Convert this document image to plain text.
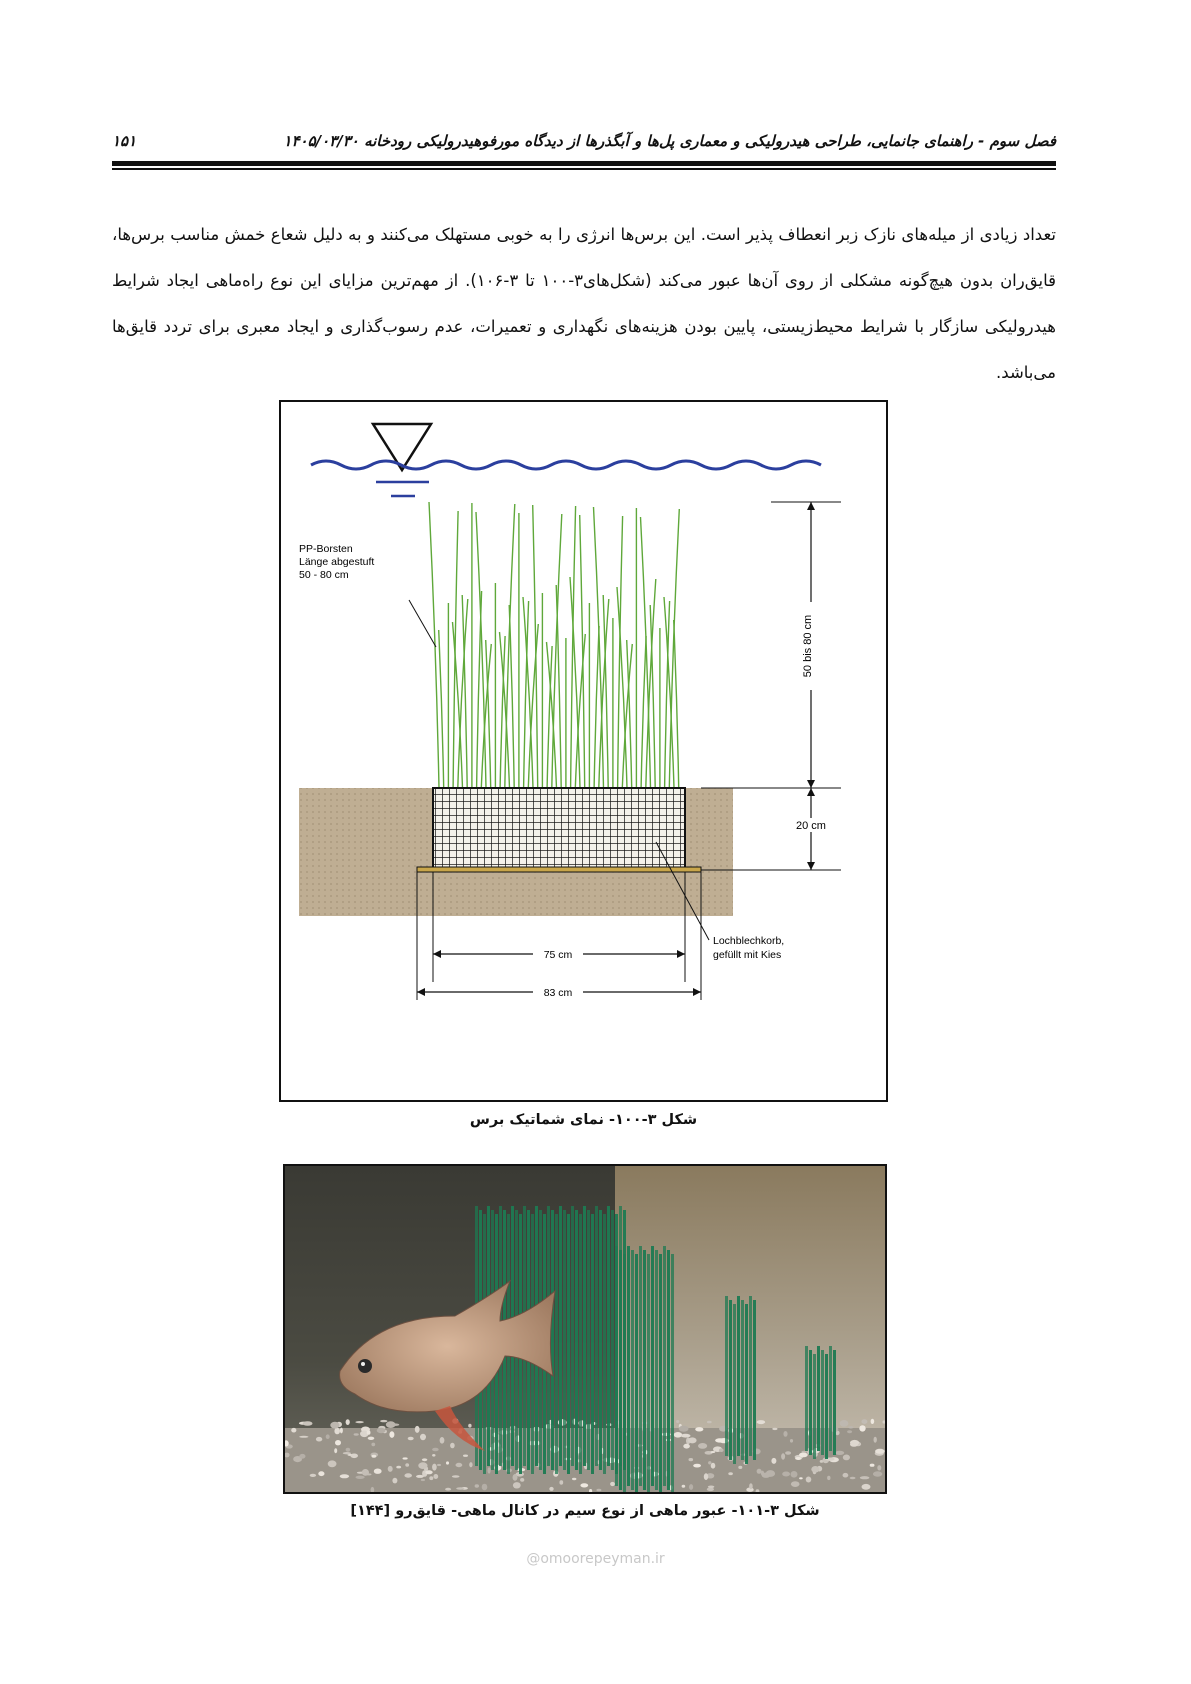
فصل سوم - راهنمای جانمایی، طراحی هیدرولیکی و معماری پل‌ها و آبگذرها از دیدگاه مورفوهیدرولیکی رودخانه ۱۴۰۵/۰۳/۳۰
۱۵۱
تعداد زیادی از میله‌های نازک زبر انعطاف پذیر است. این برس‌ها انرژی را به خوبی مستهلک می‌کنند و به دلیل شعاع خمش مناسب برس‌ها، قایق‌ران بدون هیچ‌گونه مشکلی از روی آن‌ها عبور می‌کند (شکل‌های۳-۱۰۰ تا ۳-۱۰۶). از مهم‌ترین مزایای این نوع راه‌ماهی ایجاد شرایط هیدرولیکی سازگار با شرایط محیط‌زیستی، پایین بودن هزینه‌های نگهداری و تعمیرات، عدم رسوب‌گذاری و ایجاد معبری برای تردد قایق‌ها می‌باشد.
50 bis 80 cm
20 cm
PP-Borsten
Länge abgestuft
50 - 80 cm
Lochblechkorb,
gefüllt mit Kies
75 cm
83 cm
شکل ۳-۱۰۰- نمای شماتیک برس
شکل ۳-۱۰۱- عبور ماهی از نوع سیم در کانال ماهی- قایق‌رو [۱۴۴]
@omoorepeyman.ir
